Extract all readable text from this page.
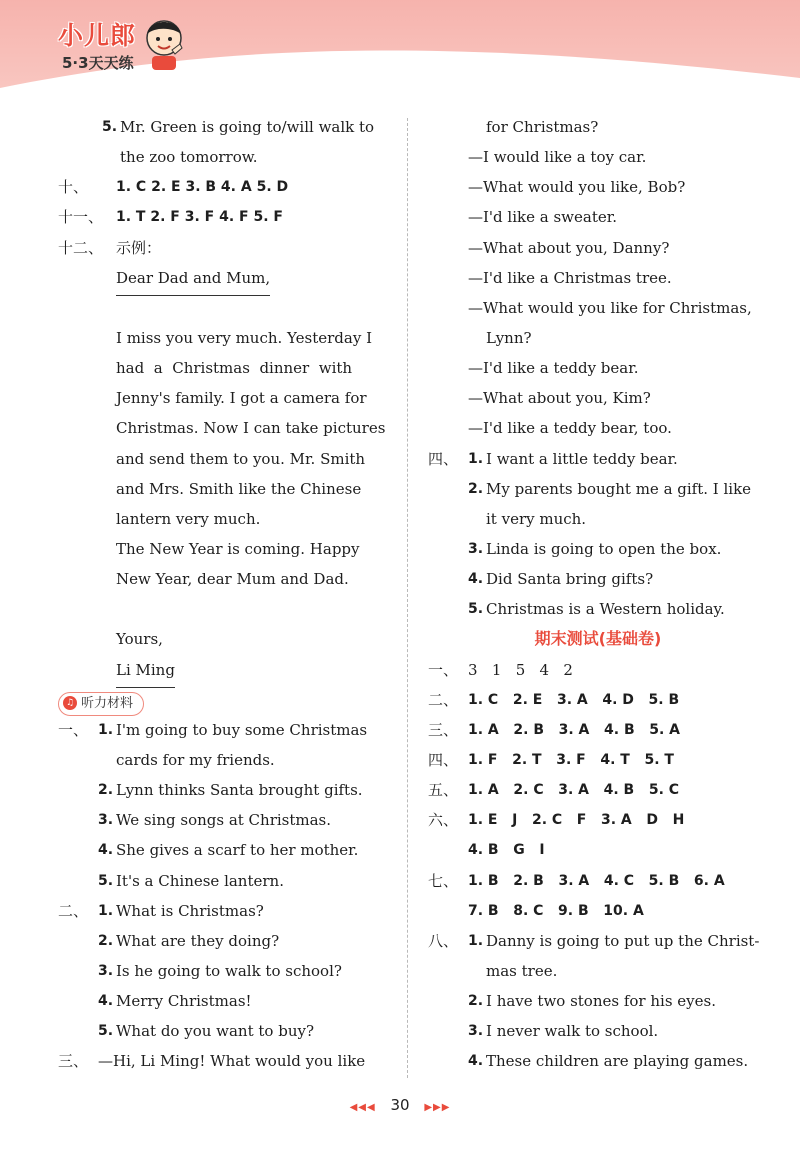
小儿郎
5·3天天练
5. Mr. Green is going to/will walk to
the zoo tomorrow.
十、 1. C 2. E 3. B 4. A 5. D
十一、 1. T 2. F 3. F 4. F 5. F
十二、 示例：
Dear Dad and Mum,
I miss you very much. Yesterday I
had  a  Christmas  dinner  with
Jenny's family. I got a camera for
Christmas. Now I can take pictures
and send them to you. Mr. Smith
and Mrs. Smith like the Chinese
lantern very much.
The New Year is coming. Happy
New Year, dear Mum and Dad.
Yours,
Li Ming
♫ 听力材料
一、 1. I'm going to buy some Christmas
cards for my friends.
2. Lynn thinks Santa brought gifts.
3. We sing songs at Christmas.
4. She gives a scarf to her mother.
5. It's a Chinese lantern.
二、 1. What is Christmas?
2. What are they doing?
3. Is he going to walk to school?
4. Merry Christmas!
5. What do you want to buy?
三、 —Hi, Li Ming! What would you like
for Christmas?
—I would like a toy car.
—What would you like, Bob?
—I'd like a sweater.
—What about you, Danny?
—I'd like a Christmas tree.
—What would you like for Christmas,
Lynn?
—I'd like a teddy bear.
—What about you, Kim?
—I'd like a teddy bear, too.
四、 1. I want a little teddy bear.
2. My parents bought me a gift. I like
it very much.
3. Linda is going to open the box.
4. Did Santa bring gifts?
5. Christmas is a Western holiday.
期末测试(基础卷)
一、 3   1   5   4   2
二、 1. C   2. E   3. A   4. D   5. B
三、 1. A   2. B   3. A   4. B   5. A
四、 1. F   2. T   3. F   4. T   5. T
五、 1. A   2. C   3. A   4. B   5. C
六、 1. E   J   2. C   F   3. A   D   H
4. B   G   I
七、 1. B   2. B   3. A   4. C   5. B   6. A
7. B   8. C   9. B   10. A
八、 1. Danny is going to put up the Christ-
mas tree.
2. I have two stones for his eyes.
3. I never walk to school.
4. These children are playing games.
◀◀◀ 30 ▶▶▶
